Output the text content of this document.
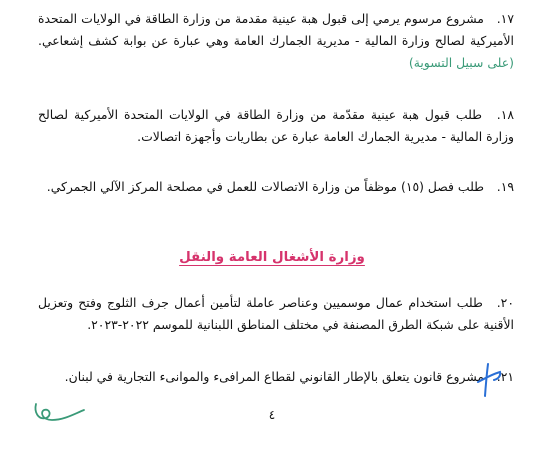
١٧. مشروع مرسوم يرمي إلى قبول هبة عينية مقدمة من وزارة الطاقة في الولايات المتحدة الأميركية لصالح وزارة المالية - مديرية الجمارك العامة وهي عبارة عن بوابة كشف إشعاعي. (على سبيل التسوية)
١٨. طلب قبول هبة عينية مقدّمة من وزارة الطاقة في الولايات المتحدة الأميركية لصالح وزارة المالية - مديرية الجمارك العامة عبارة عن بطاريات وأجهزة اتصالات.
١٩. طلب فصل (١٥) موظفاً من وزارة الاتصالات للعمل في مصلحة المركز الآلي الجمركي.
وزارة الأشغال العامة والنقل
٢٠. طلب استخدام عمال موسميين وعناصر عاملة لتأمين أعمال جرف الثلوج وفتح وتعزيل الأقنية على شبكة الطرق المصنفة في مختلف المناطق اللبنانية للموسم ٢٠٢٢-٢٠٢٣.
٢١. مشروع قانون يتعلق بالإطار القانوني لقطاع المرافىء والموانىء التجارية في لبنان.
٤
